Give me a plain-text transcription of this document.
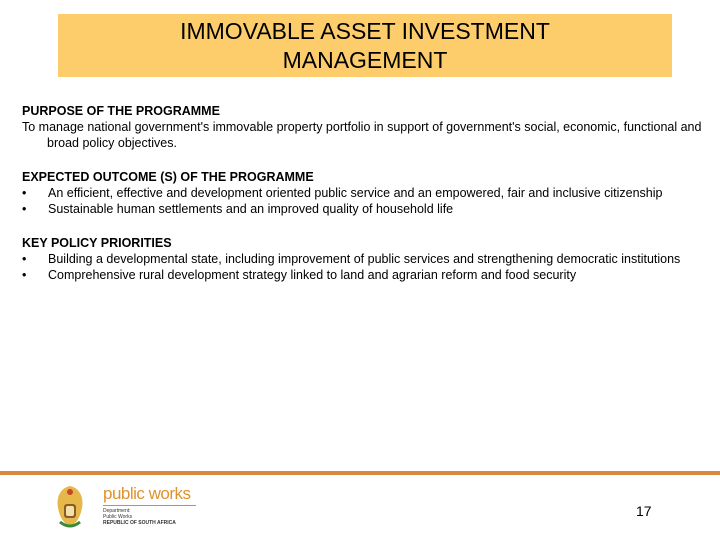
IMMOVABLE ASSET INVESTMENT
MANAGEMENT
PURPOSE OF THE PROGRAMME
To manage national government's immovable property portfolio in support of government's social, economic, functional and broad policy objectives.
EXPECTED OUTCOME (S) OF THE PROGRAMME
•	An efficient, effective and development oriented public service and an empowered, fair and inclusive citizenship
•	Sustainable human settlements and an improved quality of household life
KEY POLICY PRIORITIES
•	Building a developmental state, including improvement of public services and strengthening democratic institutions
•	Comprehensive rural development strategy linked to land and agrarian reform and food security
public works
Department:
Public Works
REPUBLIC OF SOUTH AFRICA
17
